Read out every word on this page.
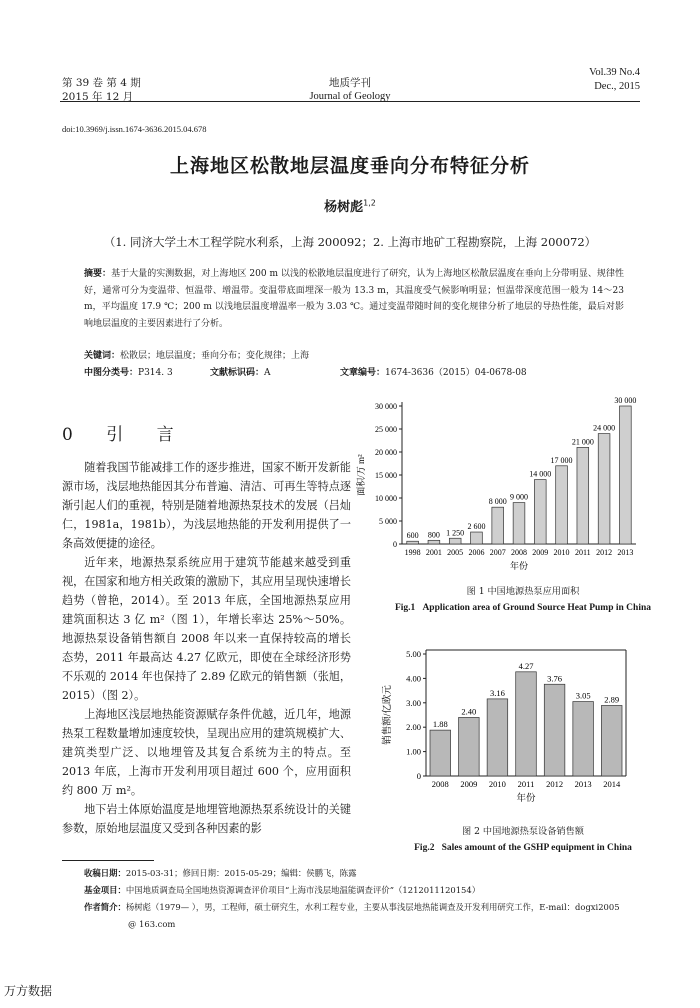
第 39 卷 第 4 期
2015 年 12 月
地质学刊
Journal of Geology
Vol.39 No.4
Dec., 2015
doi:10.3969/j.issn.1674-3636.2015.04.678
上海地区松散地层温度垂向分布特征分析
杨树彪$^{1,2}$
（1. 同济大学土木工程学院水利系，上海 200092；2. 上海市地矿工程勘察院，上海 200072）
摘要：基于大量的实测数据，对上海地区 200 m 以浅的松散地层温度进行了研究，认为上海地区松散层温度在垂向上分带明显、规律性好，通常可分为变温带、恒温带、增温带。变温带底面埋深一般为 13.3 m，其温度受气候影响明显；恒温带深度范围一般为 14～23 m，平均温度 17.9 ℃；200 m 以浅地层温度增温率一般为 3.03 ℃。通过变温带随时间的变化规律分析了地层的导热性能，最后对影响地层温度的主要因素进行了分析。
关键词：松散层；地层温度；垂向分布；变化规律；上海
中图分类号：P314. 3	文献标识码：A	文章编号：1674-3636（2015）04-0678-08
0 引 言

随着我国节能减排工作的逐步推进，国家不断开发新能源市场，浅层地热能因其分布普遍、清洁、可再生等特点逐渐引起人们的重视，特别是随着地源热泵技术的发展（吕灿仁，1981a，1981b），为浅层地热能的开发利用提供了一条高效便捷的途径。

近年来，地源热泵系统应用于建筑节能越来越受到重视，在国家和地方相关政策的激励下，其应用呈现快速增长趋势（曾艳，2014）。至 2013 年底，全国地源热泵应用建筑面积达 3 亿 m²（图 1），年增长率达 25%～50%。地源热泵设备销售额自 2008 年以来一直保持较高的增长态势，2011 年最高达 4.27 亿欧元，即使在全球经济形势不乐观的 2014 年也保持了 2.89 亿欧元的销售额（张旭，2015）（图 2）。

上海地区浅层地热能资源赋存条件优越，近几年，地源热泵工程数量增加速度较快，呈现出应用的建筑规模扩大、建筑类型广泛、以地埋管及其复合系统为主的特点。至 2013 年底，上海市开发利用项目超过 600 个，应用面积约 800 万 m²。

地下岩土体原始温度是地埋管地源热泵系统设计的关键参数，原始地层温度又受到各种因素的影

0
5 000
10 000
15 000
20 000
25 000
30 000
600
1998
800
2001
1 250
2005
2 600
2006
8 000
2007
9 000
2008
14 000
2009
17 000
2010
21 000
2011
24 000
2012
30 000
2013
年份
面积/万 m²
图 1 中国地源热泵应用面积
Fig.1 Application area of Ground Source Heat Pump in China
0
1.00
2.00
3.00
4.00
5.00
1.88
2008
2.40
2009
3.16
2010
4.27
2011
3.76
2012
3.05
2013
2.89
2014
年份
销售额/亿欧元
图 2 中国地源热泵设备销售额
Fig.2 Sales amount of the GSHP equipment in China
收稿日期：2015-03-31；修回日期：2015-05-29；编辑：侯鹏飞，陈露
基金项目：中国地质调查局全国地热资源调查评价项目“上海市浅层地温能调查评价”（1212011120154）
作者简介：杨树彪（1979— ），男，工程师，硕士研究生，水利工程专业，主要从事浅层地热能调查及开发利用研究工作，E-mail：dogxi2005
@ 163.com
万方数据
